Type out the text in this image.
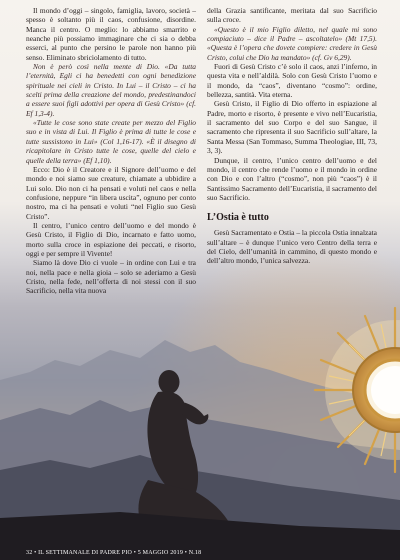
Il mondo d’oggi – singolo, famiglia, lavoro, società – spesso è soltanto più il caos, confusione, disordine. Manca il centro. O meglio: lo abbiamo smarrito e neanche più possiamo immaginare che ci sia o debba esserci, al punto che persino le parole non hanno più senso. Eliminato sbriciolamento di tutto.

Non è però così nella mente di Dio. «Da tutta l’eternità, Egli ci ha benedetti con ogni benedizione spirituale nei cieli in Cristo. In Lui – il Cristo – ci ha scelti prima della creazione del mondo, predestinandoci a essere suoi figli adottivi per opera di Gesù Cristo» (cf. Ef 1,3-4).

«Tutte le cose sono state create per mezzo del Figlio suo e in vista di Lui. Il Figlio è prima di tutte le cose e tutte sussistono in Lui» (Col 1,16-17). «È il disegno di ricapitolare in Cristo tutte le cose, quelle del cielo e quelle della terra» (Ef 1,10).

Ecco: Dio è il Creatore e il Signore dell’uomo e del mondo e noi siamo sue creature, chiamate a ubbidire a Lui solo. Dio non ci ha pensati e voluti nel caos e nella confusione, neppure “in libera uscita”, ognuno per conto nostro, ma ci ha pensati e voluti “nel Figlio suo Gesù Cristo”.

Il centro, l’unico centro dell’uomo e del mondo è Gesù Cristo, il Figlio di Dio, incarnato e fatto uomo, morto sulla croce in espiazione dei peccati, e risorto, oggi e per sempre il Vivente!

Siamo là dove Dio ci vuole – in ordine con Lui e tra noi, nella pace e nella gioia – solo se aderiamo a Gesù Cristo, nella fede, nell’offerta di noi stessi con il suo Sacrificio, nella vita nuova

della Grazia santificante, meritata dal suo Sacrificio sulla croce.

«Questo è il mio Figlio diletto, nel quale mi sono compiaciuto – dice il Padre – ascoltatelo» (Mt 17,5). «Questa è l’opera che dovete compiere: credere in Gesù Cristo, colui che Dio ha mandato» (cf. Gv 6,29).

Fuori di Gesù Cristo c’è solo il caos, anzi l’inferno, in questa vita e nell’aldilà. Solo con Gesù Cristo l’uomo e il mondo, da “caos”, diventano “cosmo”: ordine, bellezza, santità. Vita eterna.

Gesù Cristo, il Figlio di Dio offerto in espiazione al Padre, morto e risorto, è presente e vivo nell’Eucaristia, il sacramento del suo Corpo e del suo Sangue, il sacramento che ripresenta il suo Sacrificio sull’altare, la Santa Messa (San Tommaso, Summa Theologiae, III, 73, 3, 3).

Dunque, il centro, l’unico centro dell’uomo e del mondo, il centro che rende l’uomo e il mondo in ordine con Dio e con l’altro (“cosmo”, non più “caos”) è il Santissimo Sacramento dell’Eucaristia, il sacramento del suo Sacrificio.

L’Ostia è tutto

Gesù Sacramentato e Ostia – la piccola Ostia innalzata sull’altare – è dunque l’unico vero Centro della terra e del Cielo, dell’umanità in cammino, di questo mondo e dell’altro mondo, l’unica salvezza.

32 • IL SETTIMANALE DI PADRE PIO • 5 MAGGIO 2019 • N.18
